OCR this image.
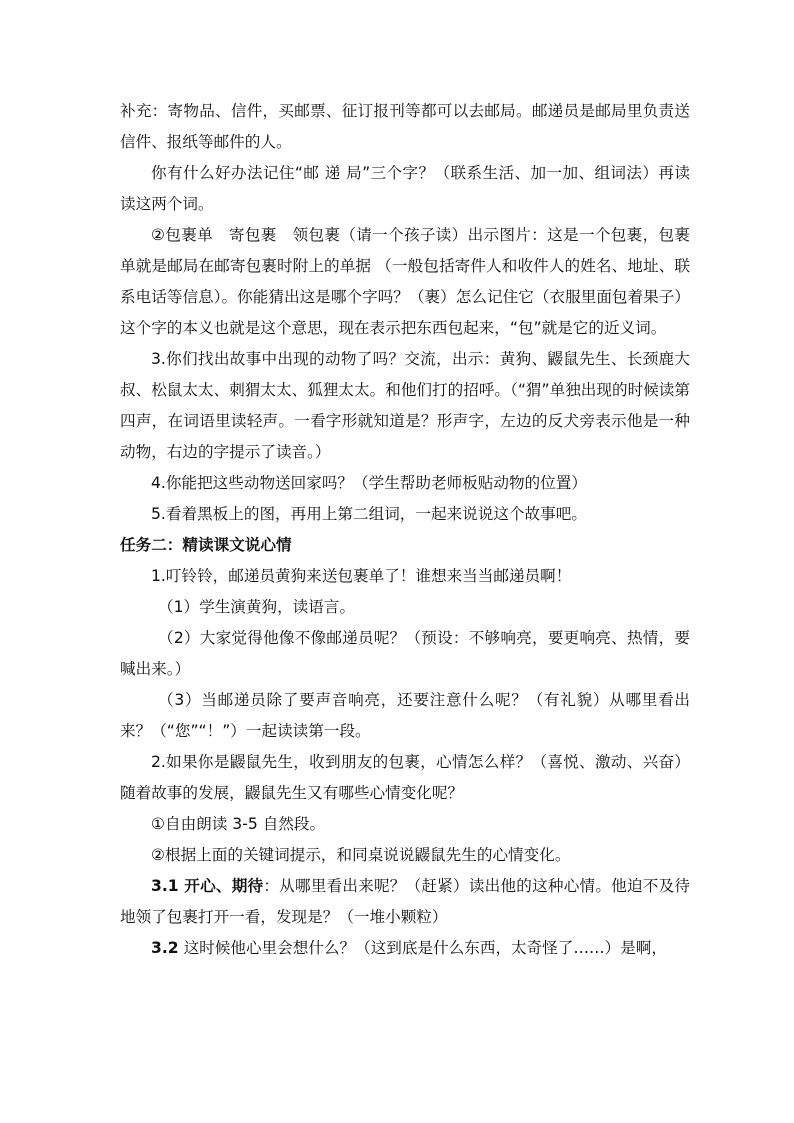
补充：寄物品、信件，买邮票、征订报刊等都可以去邮局。邮递员是邮局里负责送信件、报纸等邮件的人。

你有什么好办法记住“邮 递 局”三个字？（联系生活、加一加、组词法）再读读这两个词。

②包裹单　寄包裹　领包裹（请一个孩子读）出示图片：这是一个包裹，包裹单就是邮局在邮寄包裹时附上的单据 （一般包括寄件人和收件人的姓名、地址、联系电话等信息）。你能猜出这是哪个字吗？（裹）怎么记住它（衣服里面包着果子）这个字的本义也就是这个意思，现在表示把东西包起来，“包”就是它的近义词。

3.你们找出故事中出现的动物了吗？交流，出示：黄狗、鼹鼠先生、长颈鹿大叔、松鼠太太、刺猬太太、狐狸太太。和他们打的招呼。（“猬”单独出现的时候读第四声，在词语里读轻声。一看字形就知道是？形声字，左边的反犬旁表示他是一种动物，右边的字提示了读音。）

4.你能把这些动物送回家吗？（学生帮助老师板贴动物的位置）

5.看着黑板上的图，再用上第二组词，一起来说说这个故事吧。

任务二：精读课文说心情

1.叮铃铃，邮递员黄狗来送包裹单了！谁想来当当邮递员啊！

（1）学生演黄狗，读语言。

（2）大家觉得他像不像邮递员呢？（预设：不够响亮，要更响亮、热情，要喊出来。）

（3）当邮递员除了要声音响亮，还要注意什么呢？（有礼貌）从哪里看出来？（“您”“！”）一起读读第一段。

2.如果你是鼹鼠先生，收到朋友的包裹，心情怎么样？（喜悦、激动、兴奋）随着故事的发展，鼹鼠先生又有哪些心情变化呢？

①自由朗读 3-5 自然段。

②根据上面的关键词提示，和同桌说说鼹鼠先生的心情变化。

3.1 开心、期待：从哪里看出来呢？（赶紧）读出他的这种心情。他迫不及待地领了包裹打开一看，发现是？（一堆小颗粒）

3.2 这时候他心里会想什么？（这到底是什么东西，太奇怪了……）是啊，
